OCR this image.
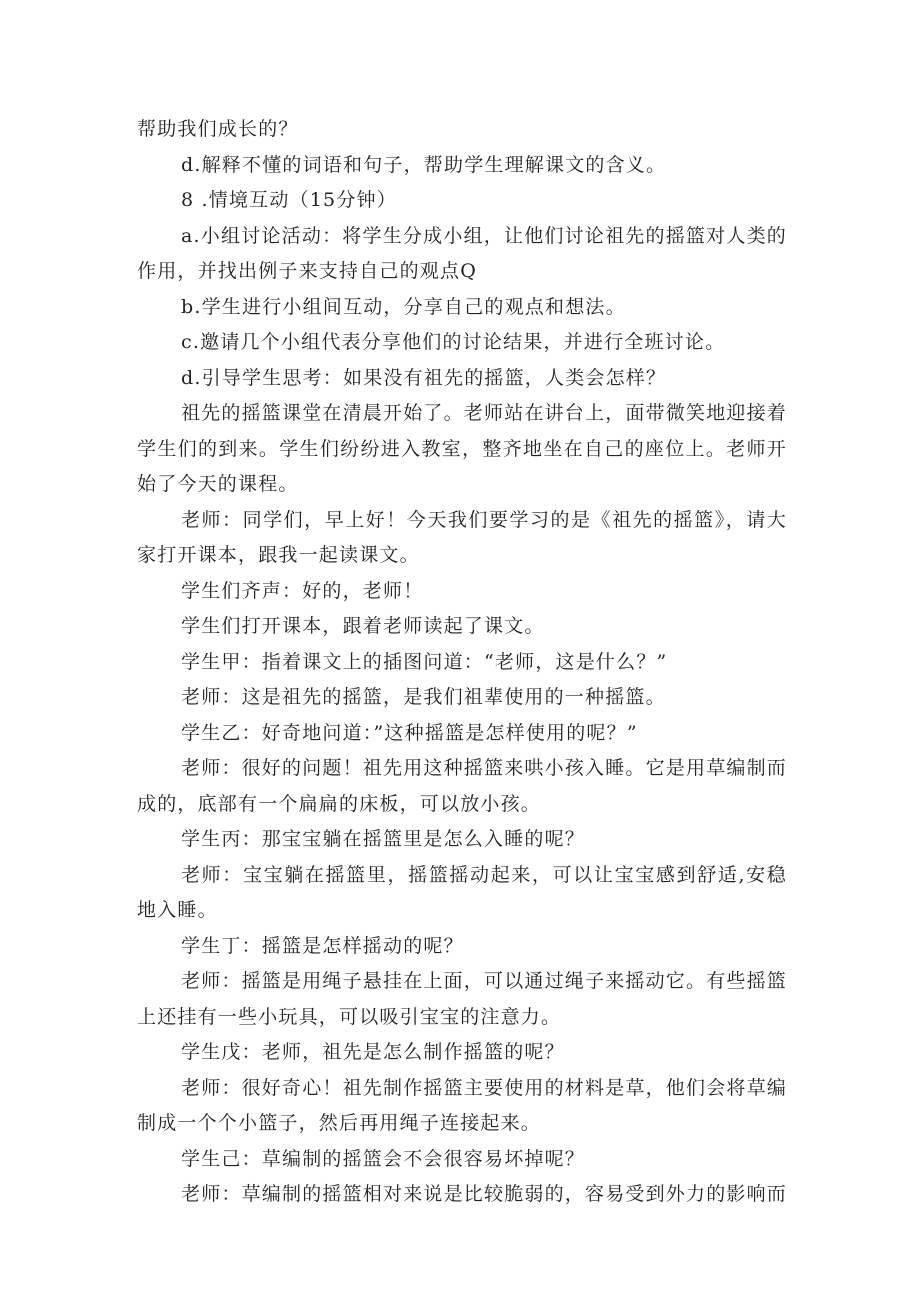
帮助我们成长的？

d.解释不懂的词语和句子，帮助学生理解课文的含义。

8 .情境互动（15分钟）

a.小组讨论活动：将学生分成小组，让他们讨论祖先的摇篮对人类的作用，并找出例子来支持自己的观点Q

b.学生进行小组间互动，分享自己的观点和想法。

c.邀请几个小组代表分享他们的讨论结果，并进行全班讨论。

d.引导学生思考：如果没有祖先的摇篮，人类会怎样？

祖先的摇篮课堂在清晨开始了。老师站在讲台上，面带微笑地迎接着学生们的到来。学生们纷纷进入教室，整齐地坐在自己的座位上。老师开始了今天的课程。

老师：同学们，早上好！今天我们要学习的是《祖先的摇篮》，请大家打开课本，跟我一起读课文。

学生们齐声：好的，老师！

学生们打开课本，跟着老师读起了课文。

学生甲：指着课文上的插图问道：“老师，这是什么？”

老师：这是祖先的摇篮，是我们祖辈使用的一种摇篮。

学生乙：好奇地问道：”这种摇篮是怎样使用的呢？”

老师：很好的问题！祖先用这种摇篮来哄小孩入睡。它是用草编制而成的，底部有一个扁扁的床板，可以放小孩。

学生丙：那宝宝躺在摇篮里是怎么入睡的呢？

老师：宝宝躺在摇篮里，摇篮摇动起来，可以让宝宝感到舒适,安稳地入睡。

学生丁：摇篮是怎样摇动的呢？

老师：摇篮是用绳子悬挂在上面，可以通过绳子来摇动它。有些摇篮上还挂有一些小玩具，可以吸引宝宝的注意力。

学生戊：老师，祖先是怎么制作摇篮的呢？

老师：很好奇心！祖先制作摇篮主要使用的材料是草，他们会将草编制成一个个小篮子，然后再用绳子连接起来。

学生己：草编制的摇篮会不会很容易坏掉呢？

老师：草编制的摇篮相对来说是比较脆弱的，容易受到外力的影响而
